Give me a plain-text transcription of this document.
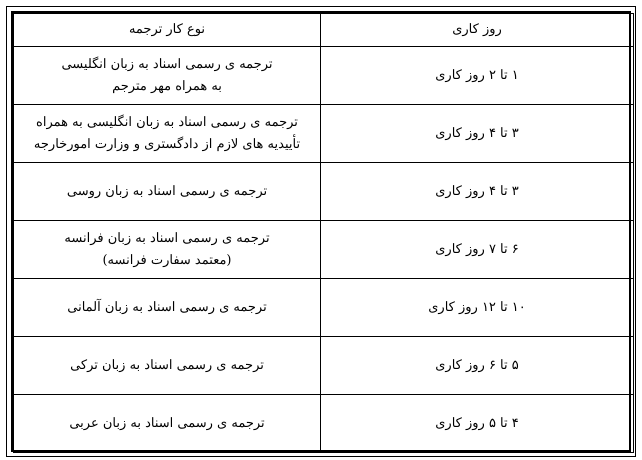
روز کاری	نوع کار ترجمه
۱ تا ۲ روز کاری	ترجمه ی رسمی اسناد به زبان انگلیسی
به همراه مهر مترجم
۳ تا ۴ روز کاری	ترجمه ی رسمی اسناد به زبان انگلیسی به همراه
تأییدیه های لازم از دادگستری و وزارت امورخارجه
۳ تا ۴ روز کاری	ترجمه ی رسمی اسناد به زبان روسی
۶ تا ۷ روز کاری	ترجمه ی رسمی اسناد به زبان فرانسه
(معتمد سفارت فرانسه)
۱۰ تا ۱۲ روز کاری	ترجمه ی رسمی اسناد به زبان آلمانی
۵ تا ۶ روز کاری	ترجمه ی رسمی اسناد به زبان ترکی
۴ تا ۵ روز کاری	ترجمه ی رسمی اسناد به زبان عربی
